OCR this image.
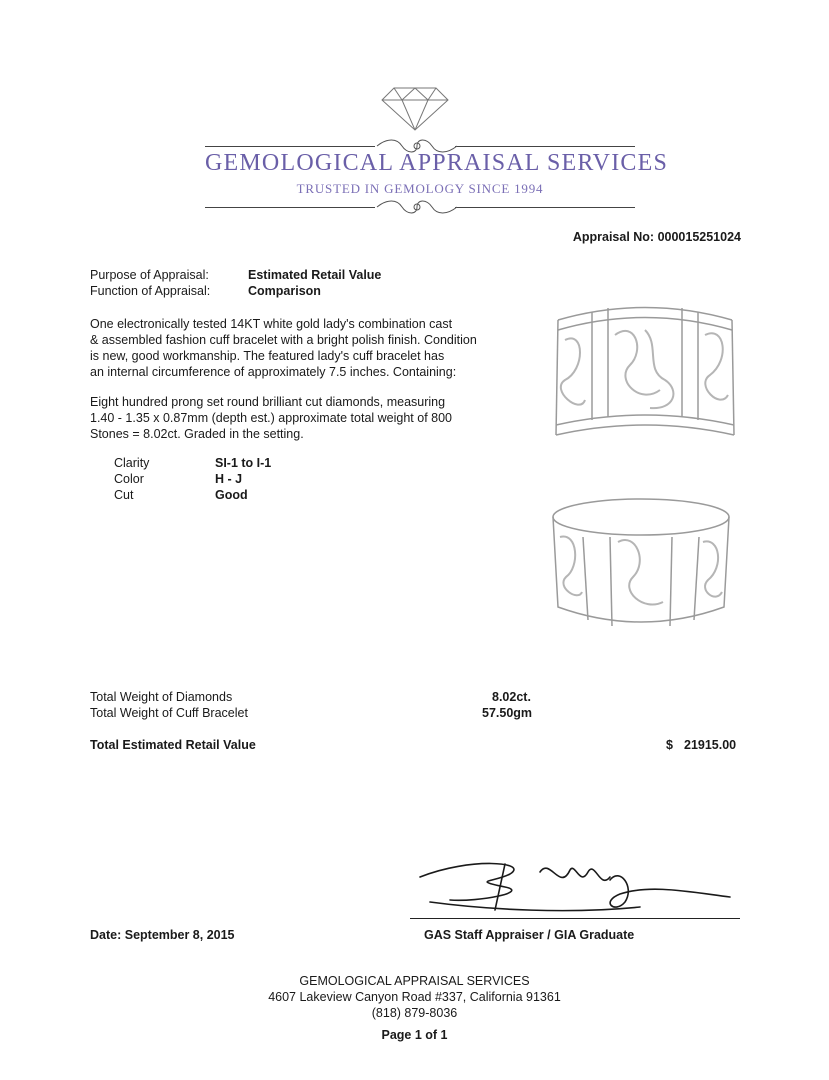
GEMOLOGICAL APPRAISAL SERVICES
TRUSTED IN GEMOLOGY SINCE 1994
Appraisal No: 000015251024
Purpose of Appraisal:	Estimated Retail Value
Function of Appraisal:	Comparison
One electronically tested 14KT white gold lady's combination cast
& assembled fashion cuff bracelet with a bright polish finish. Condition
is new, good workmanship. The featured lady's cuff bracelet has
an internal circumference of approximately 7.5 inches. Containing:
Eight hundred prong set round brilliant cut diamonds, measuring
1.40 - 1.35 x 0.87mm (depth est.) approximate total weight of 800
Stones = 8.02ct. Graded in the setting.
Clarity	SI-1 to I-1
Color	H - J
Cut	Good
Total Weight of Diamonds	8.02ct.
Total Weight of Cuff Bracelet	57.50gm
Total Estimated Retail Value	$ 21915.00
Date: September 8, 2015	GAS Staff Appraiser / GIA Graduate
GEMOLOGICAL APPRAISAL SERVICES
4607 Lakeview Canyon Road #337, California 91361
(818) 879-8036
Page 1 of 1
